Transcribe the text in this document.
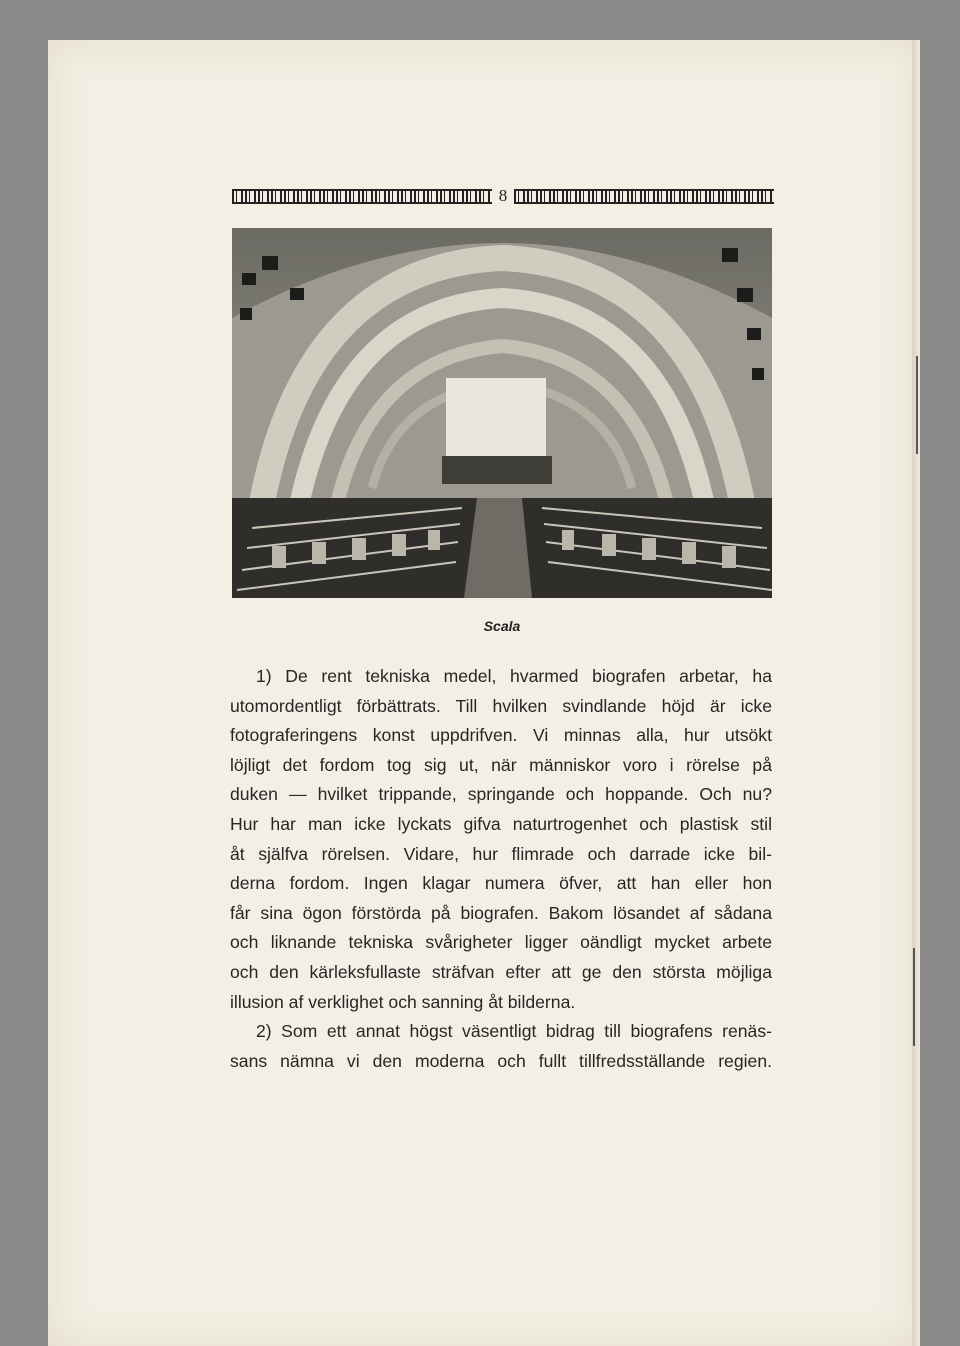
8
Scala

1) De rent tekniska medel, hvarmed biografen arbetar, ha
utomordentligt förbättrats. Till hvilken svindlande höjd är icke
fotograferingens konst uppdrifven. Vi minnas alla, hur utsökt
löjligt det fordom tog sig ut, när människor voro i rörelse på
duken — hvilket trippande, springande och hoppande. Och nu?
Hur har man icke lyckats gifva naturtrogenhet och plastisk stil
åt själfva rörelsen. Vidare, hur flimrade och darrade icke bil-
derna fordom. Ingen klagar numera öfver, att han eller hon
får sina ögon förstörda på biografen. Bakom lösandet af sådana
och liknande tekniska svårigheter ligger oändligt mycket arbete
och den kärleksfullaste sträfvan efter att ge den största möjliga
illusion af verklighet och sanning åt bilderna.

2) Som ett annat högst väsentligt bidrag till biografens renäs-
sans nämna vi den moderna och fullt tillfredsställande regien.
